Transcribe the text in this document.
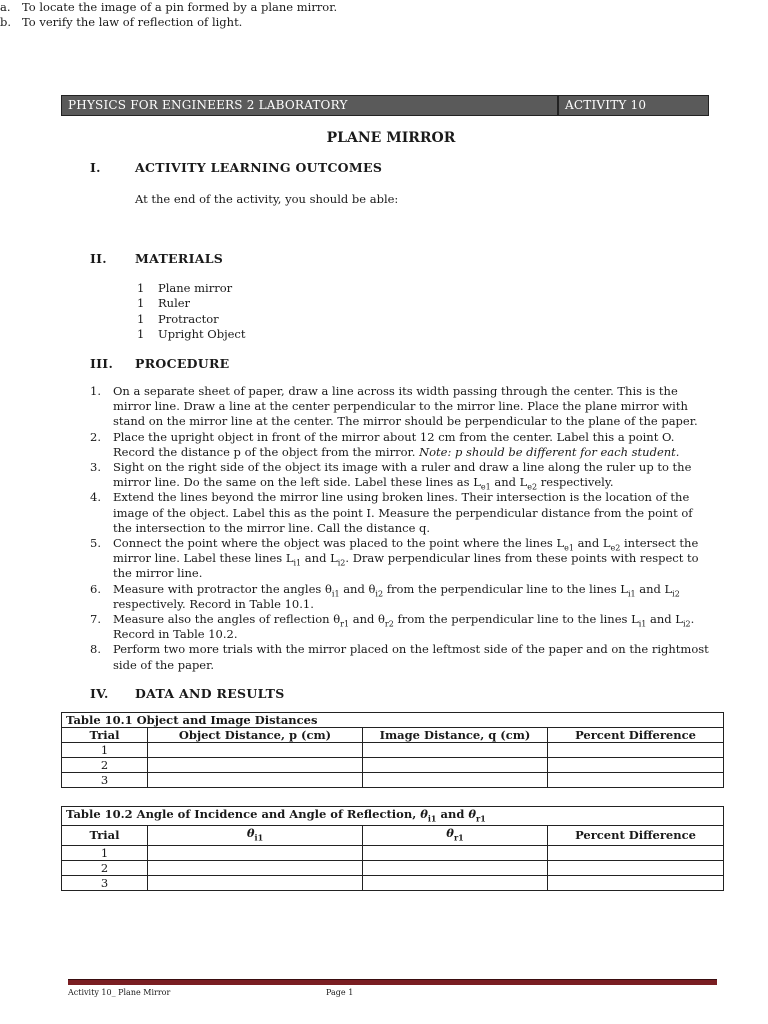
PHYSICS FOR ENGINEERS 2 LABORATORY	ACTIVITY 10
PLANE MIRROR
I.	ACTIVITY LEARNING OUTCOMES
At the end of the activity, you should be able:
a. To locate the image of a pin formed by a plane mirror.
b. To verify the law of reflection of light.
II. MATERIALS
1 Plane mirror
1 Ruler
1 Protractor
1 Upright Object
III. PROCEDURE
1. On a separate sheet of paper, draw a line across its width passing through the center. This is the mirror line. Draw a line at the center perpendicular to the mirror line. Place the plane mirror with stand on the mirror line at the center. The mirror should be perpendicular to the plane of the paper.
2. Place the upright object in front of the mirror about 12 cm from the center. Label this a point O. Record the distance p of the object from the mirror. Note: p should be different for each student.
3. Sight on the right side of the object its image with a ruler and draw a line along the ruler up to the mirror line. Do the same on the left side. Label these lines as $L_{e1}$ and $L_{e2}$ respectively.
4. Extend the lines beyond the mirror line using broken lines. Their intersection is the location of the image of the object. Label this as the point I. Measure the perpendicular distance from the point of the intersection to the mirror line. Call the distance q.
5. Connect the point where the object was placed to the point where the lines $L_{e1}$ and $L_{e2}$ intersect the mirror line. Label these lines $L_{i1}$ and $L_{i2}$. Draw perpendicular lines from these points with respect to the mirror line.
6. Measure with protractor the angles $\theta_{i1}$ and $\theta_{i2}$ from the perpendicular line to the lines $L_{i1}$ and $L_{i2}$ respectively. Record in Table 10.1.
7. Measure also the angles of reflection $\theta_{r1}$ and $\theta_{r2}$ from the perpendicular line to the lines $L_{i1}$ and $L_{i2}$. Record in Table 10.2.
8. Perform two more trials with the mirror placed on the leftmost side of the paper and on the rightmost side of the paper.
IV. DATA AND RESULTS
Table 10.1 Object and Image Distances			
Trial	Object Distance, p (cm)	Image Distance, q (cm)	Percent Difference
1			
2			
3			
Table 10.2 Angle of Incidence and Angle of Reflection, $\theta_{i1}$ and $\theta_{r1}$
Trial	$\theta_{i1}$	$\theta_{r1}$	Percent Difference
1			
2			
3			
Activity 10_ Plane Mirror	Page 1
